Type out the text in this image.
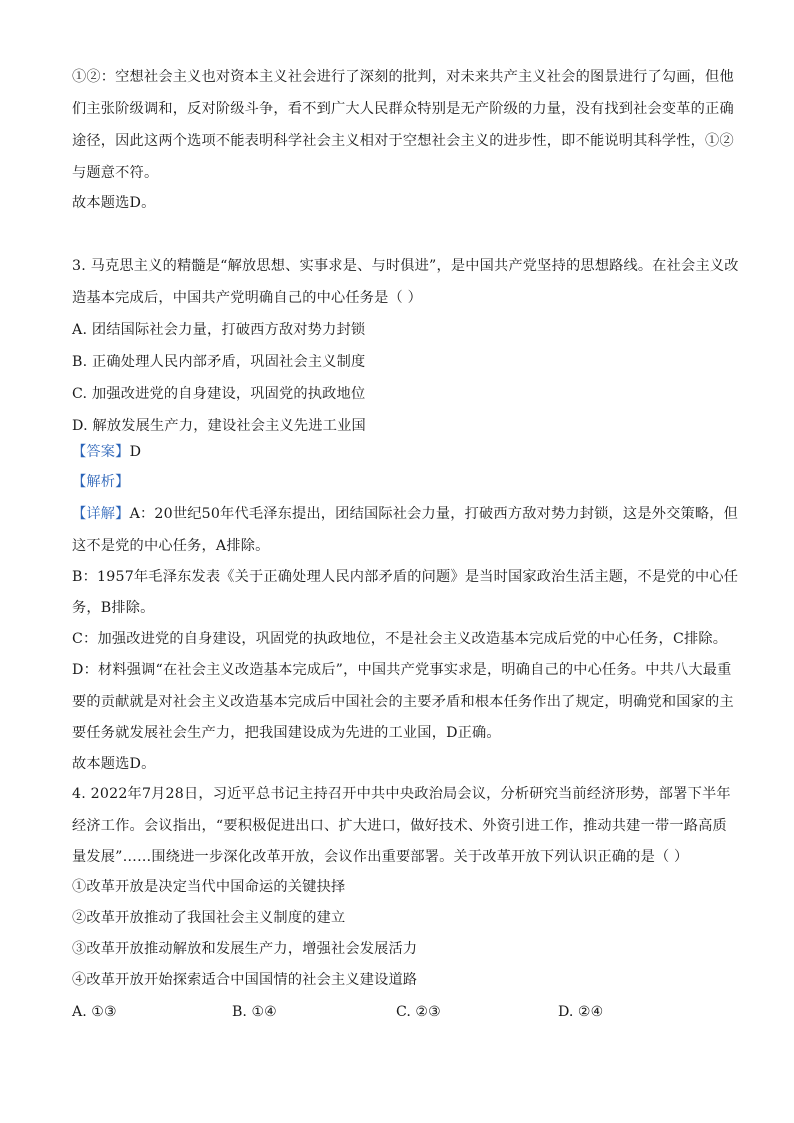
①②：空想社会主义也对资本主义社会进行了深刻的批判，对未来共产主义社会的图景进行了勾画，但他
们主张阶级调和，反对阶级斗争，看不到广大人民群众特别是无产阶级的力量，没有找到社会变革的正确
途径，因此这两个选项不能表明科学社会主义相对于空想社会主义的进步性，即不能说明其科学性，①②
与题意不符。
故本题选D。
3. 马克思主义的精髓是“解放思想、实事求是、与时俱进”，是中国共产党坚持的思想路线。在社会主义改
造基本完成后，中国共产党明确自己的中心任务是（ ）
A. 团结国际社会力量，打破西方敌对势力封锁
B. 正确处理人民内部矛盾，巩固社会主义制度
C. 加强改进党的自身建设，巩固党的执政地位
D. 解放发展生产力，建设社会主义先进工业国
【答案】D
【解析】
【详解】A：20世纪50年代毛泽东提出，团结国际社会力量，打破西方敌对势力封锁，这是外交策略，但
这不是党的中心任务，A排除。
B：1957年毛泽东发表《关于正确处理人民内部矛盾的问题》是当时国家政治生活主题，不是党的中心任
务，B排除。
C：加强改进党的自身建设，巩固党的执政地位，不是社会主义改造基本完成后党的中心任务，C排除。
D：材料强调“在社会主义改造基本完成后”，中国共产党事实求是，明确自己的中心任务。中共八大最重
要的贡献就是对社会主义改造基本完成后中国社会的主要矛盾和根本任务作出了规定，明确党和国家的主
要任务就发展社会生产力，把我国建设成为先进的工业国，D正确。
故本题选D。
4. 2022年7月28日，习近平总书记主持召开中共中央政治局会议，分析研究当前经济形势，部署下半年
经济工作。会议指出，“要积极促进出口、扩大进口，做好技术、外资引进工作，推动共建一带一路高质
量发展”……围绕进一步深化改革开放，会议作出重要部署。关于改革开放下列认识正确的是（ ）
①改革开放是决定当代中国命运的关键抉择
②改革开放推动了我国社会主义制度的建立
③改革开放推动解放和发展生产力，增强社会发展活力
④改革开放开始探索适合中国国情的社会主义建设道路
A. ①③	B. ①④	C. ②③	D. ②④
